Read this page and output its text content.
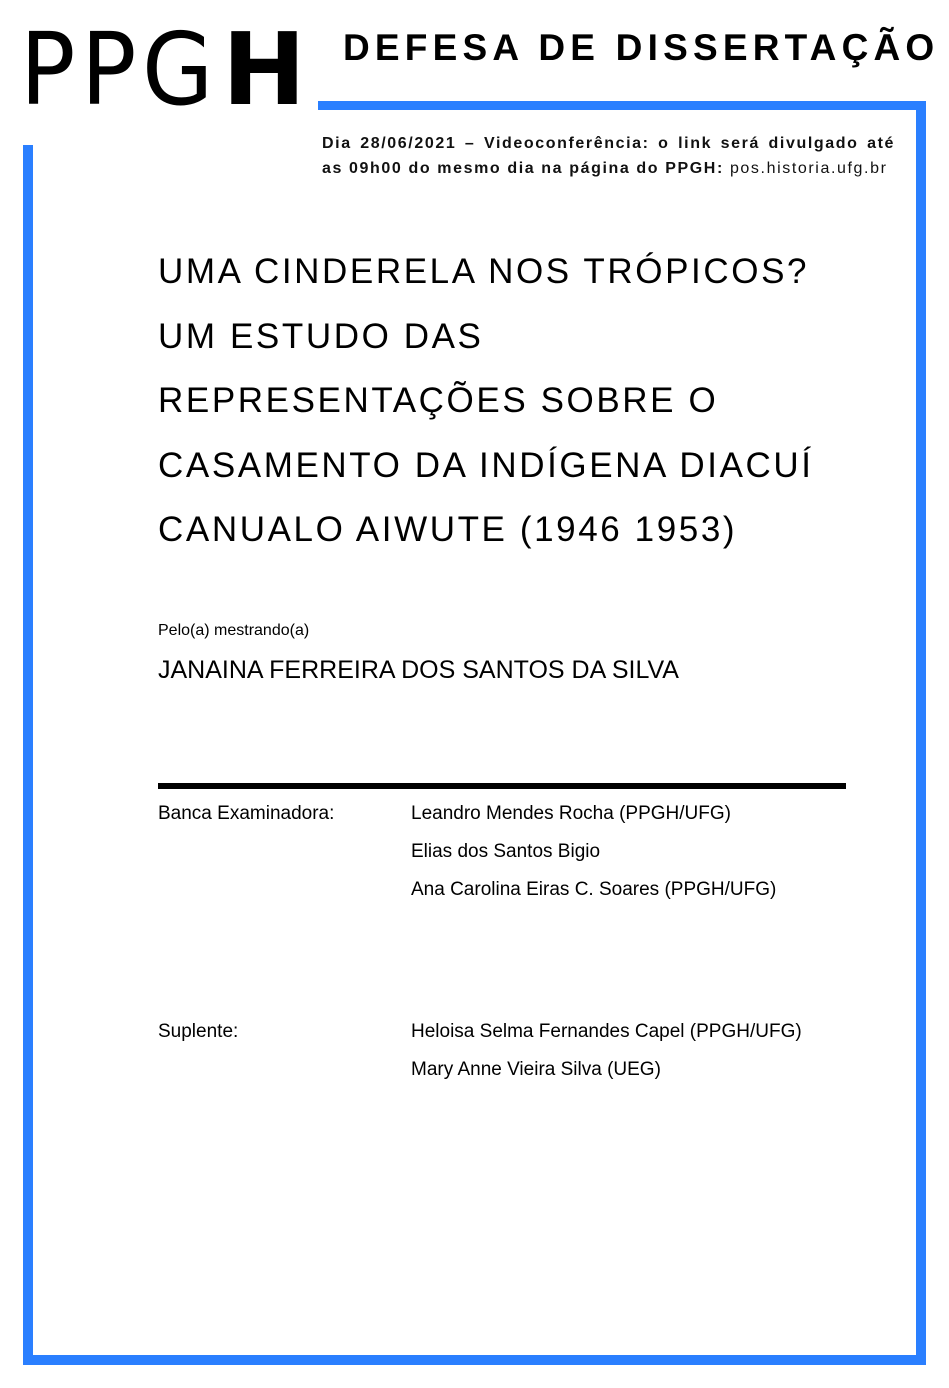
PPGH DEFESA DE DISSERTAÇÃO
Dia 28/06/2021 – Videoconferência: o link será divulgado até as 09h00 do mesmo dia na página do PPGH: pos.historia.ufg.br
UMA CINDERELA NOS TRÓPICOS?
UM ESTUDO DAS
REPRESENTAÇÕES SOBRE O
CASAMENTO DA INDÍGENA DIACUÍ
CANUALO AIWUTE (1946 1953)
Pelo(a) mestrando(a)
JANAINA FERREIRA DOS SANTOS DA SILVA
Banca Examinadora:	Leandro Mendes Rocha (PPGH/UFG)
Elias dos Santos Bigio
Ana Carolina Eiras C. Soares (PPGH/UFG)
Suplente:	Heloisa Selma Fernandes Capel (PPGH/UFG)
Mary Anne Vieira Silva (UEG)
